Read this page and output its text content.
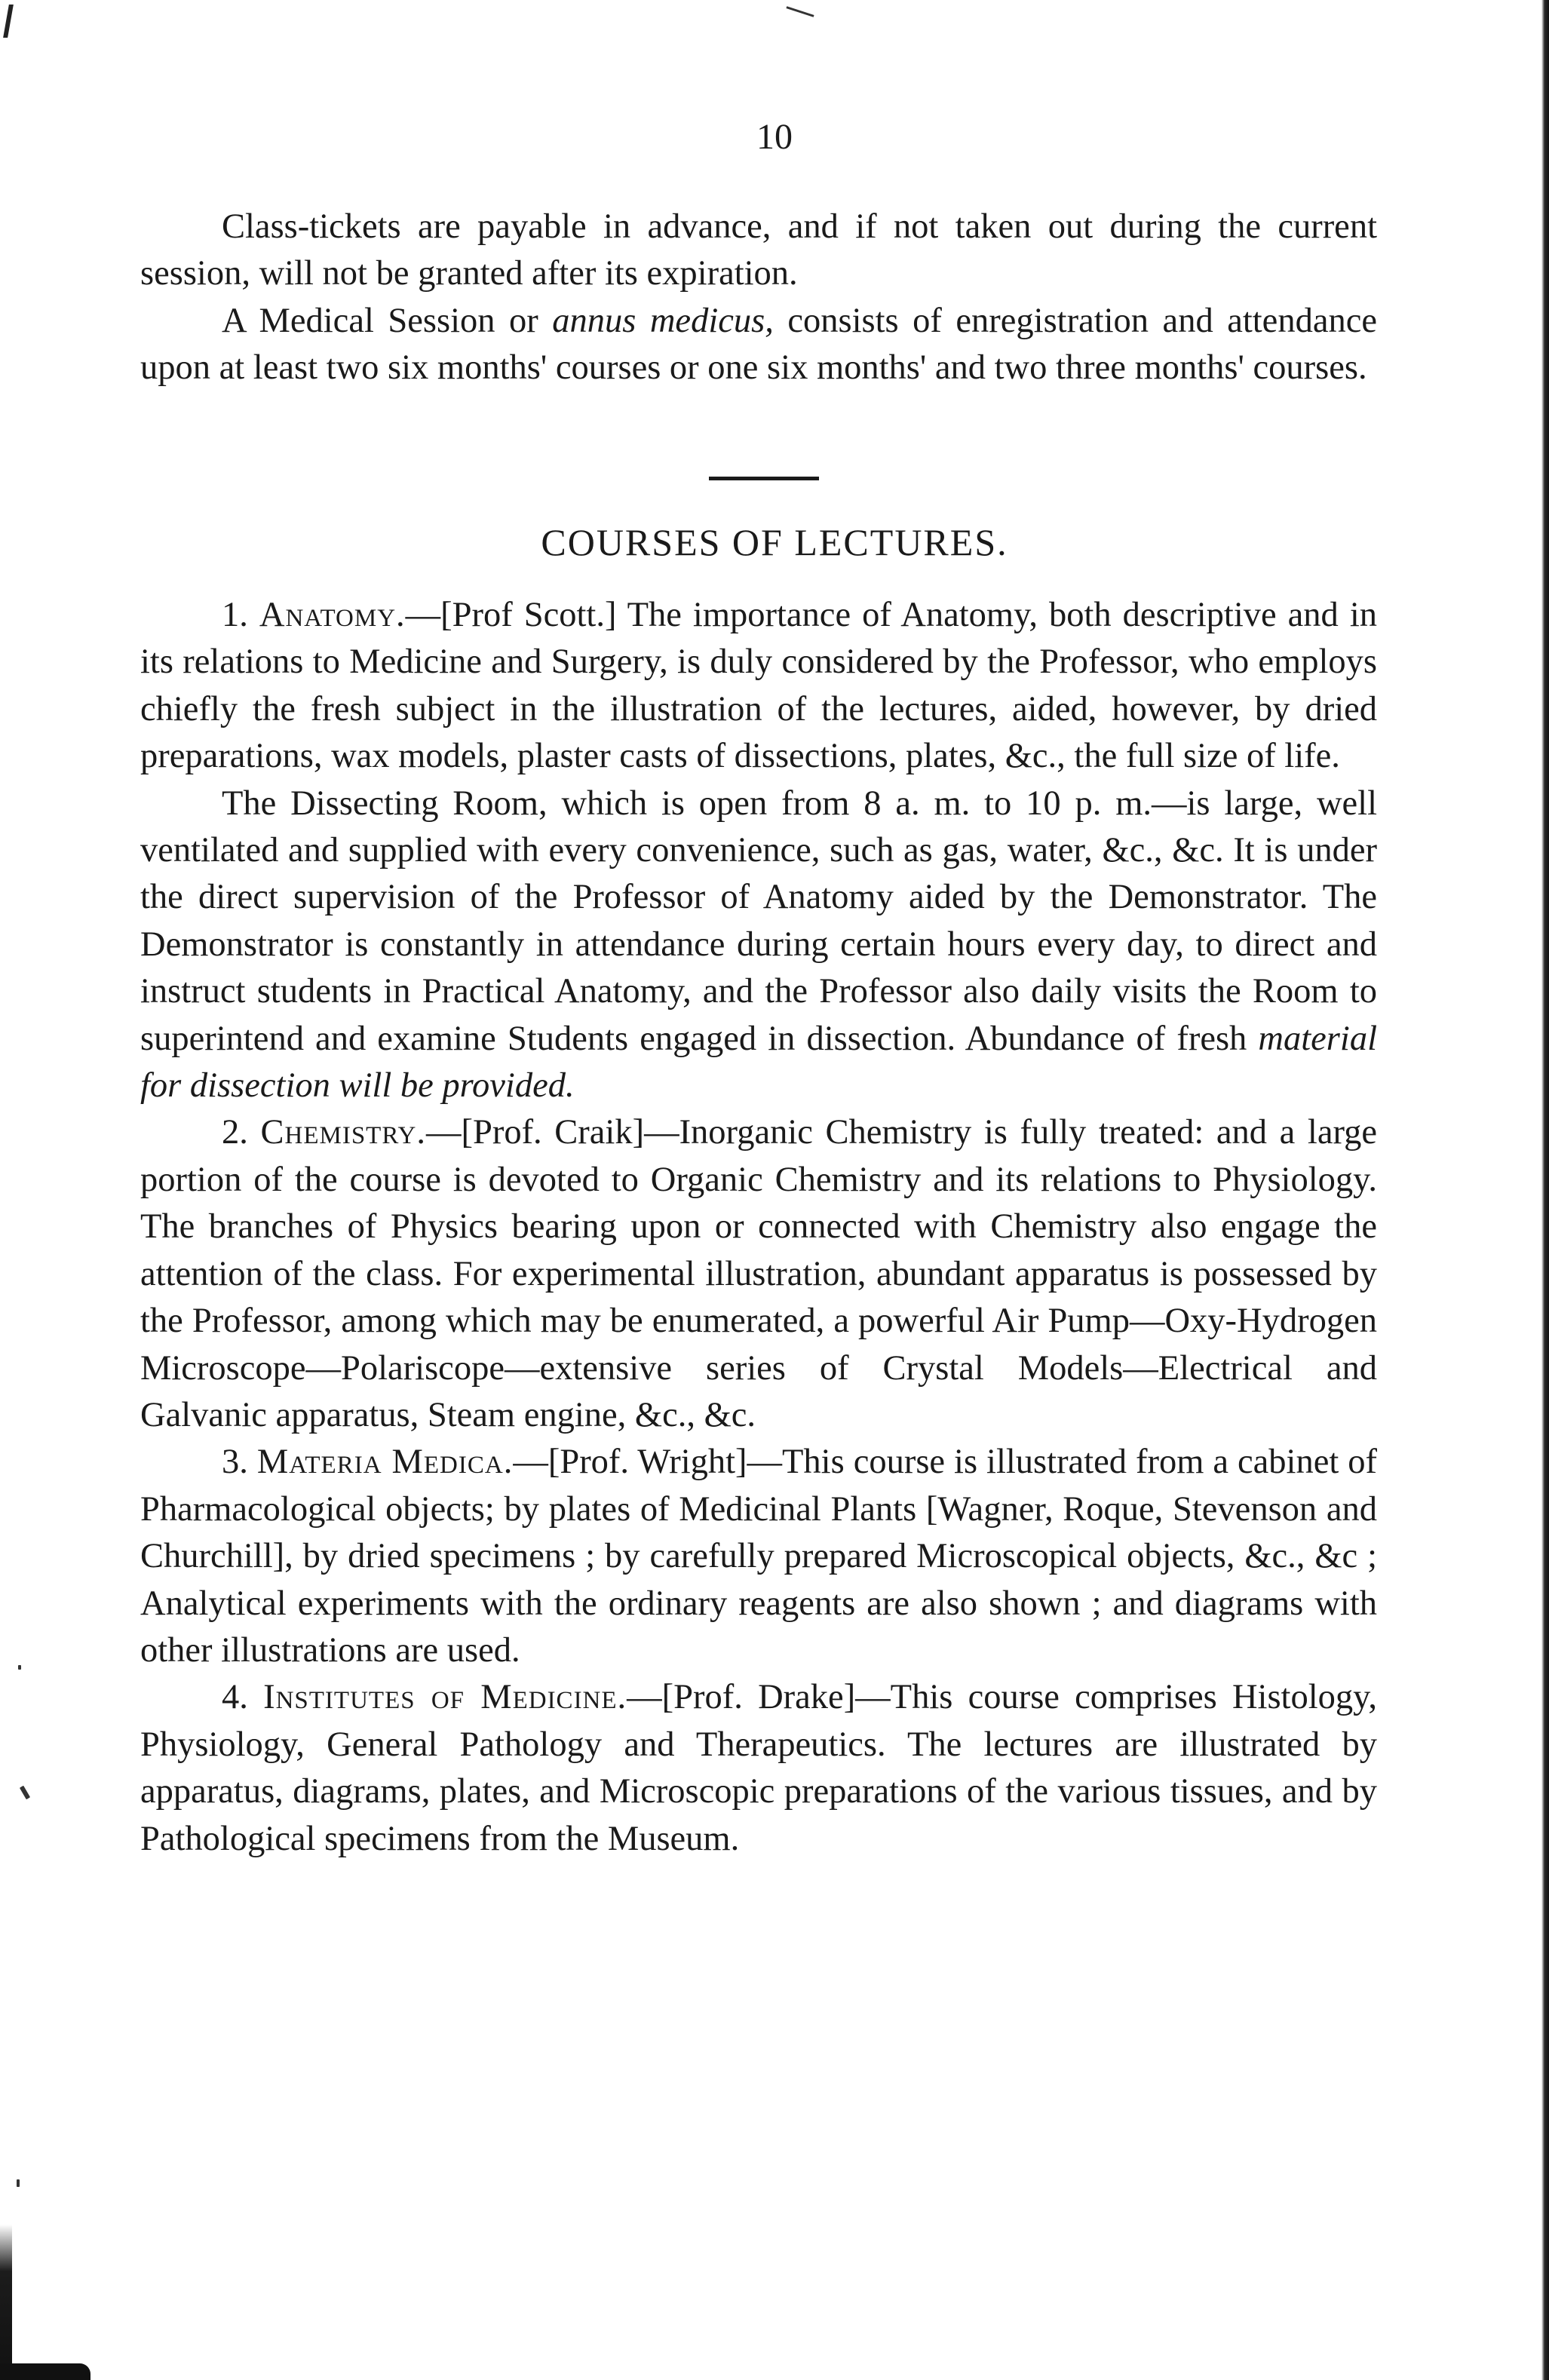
10

Class-tickets are payable in advance, and if not taken out during the current session, will not be granted after its expiration.

A Medical Session or annus medicus, consists of enregistration and attendance upon at least two six months' courses or one six months' and two three months' courses.

COURSES OF LECTURES.

1. Anatomy.—[Prof Scott.] The importance of Anatomy, both descriptive and in its relations to Medicine and Surgery, is duly considered by the Professor, who employs chiefly the fresh subject in the illustration of the lectures, aided, however, by dried preparations, wax models, plaster casts of dissections, plates, &c., the full size of life.

The Dissecting Room, which is open from 8 a. m. to 10 p. m.—is large, well ventilated and supplied with every convenience, such as gas, water, &c., &c. It is under the direct supervision of the Professor of Anatomy aided by the Demonstrator. The Demonstrator is constantly in attendance during certain hours every day, to direct and instruct students in Practical Anatomy, and the Professor also daily visits the Room to superintend and examine Students engaged in dissection. Abundance of fresh material for dissection will be provided.

2. Chemistry.—[Prof. Craik]—Inorganic Chemistry is fully treated: and a large portion of the course is devoted to Organic Chemistry and its relations to Physiology. The branches of Physics bearing upon or connected with Chemistry also engage the attention of the class. For experimental illustration, abundant apparatus is possessed by the Professor, among which may be enumerated, a powerful Air Pump—Oxy-Hydrogen Microscope—Polariscope—extensive series of Crystal Models—Electrical and Galvanic apparatus, Steam engine, &c., &c.

3. Materia Medica.—[Prof. Wright]—This course is illustrated from a cabinet of Pharmacological objects; by plates of Medicinal Plants [Wagner, Roque, Stevenson and Churchill], by dried specimens ; by carefully prepared Microscopical objects, &c., &c ; Analytical experiments with the ordinary reagents are also shown ; and diagrams with other illustrations are used.

4. Institutes of Medicine.—[Prof. Drake]—This course comprises Histology, Physiology, General Pathology and Therapeutics. The lectures are illustrated by apparatus, diagrams, plates, and Microscopic preparations of the various tissues, and by Pathological specimens from the Museum.
